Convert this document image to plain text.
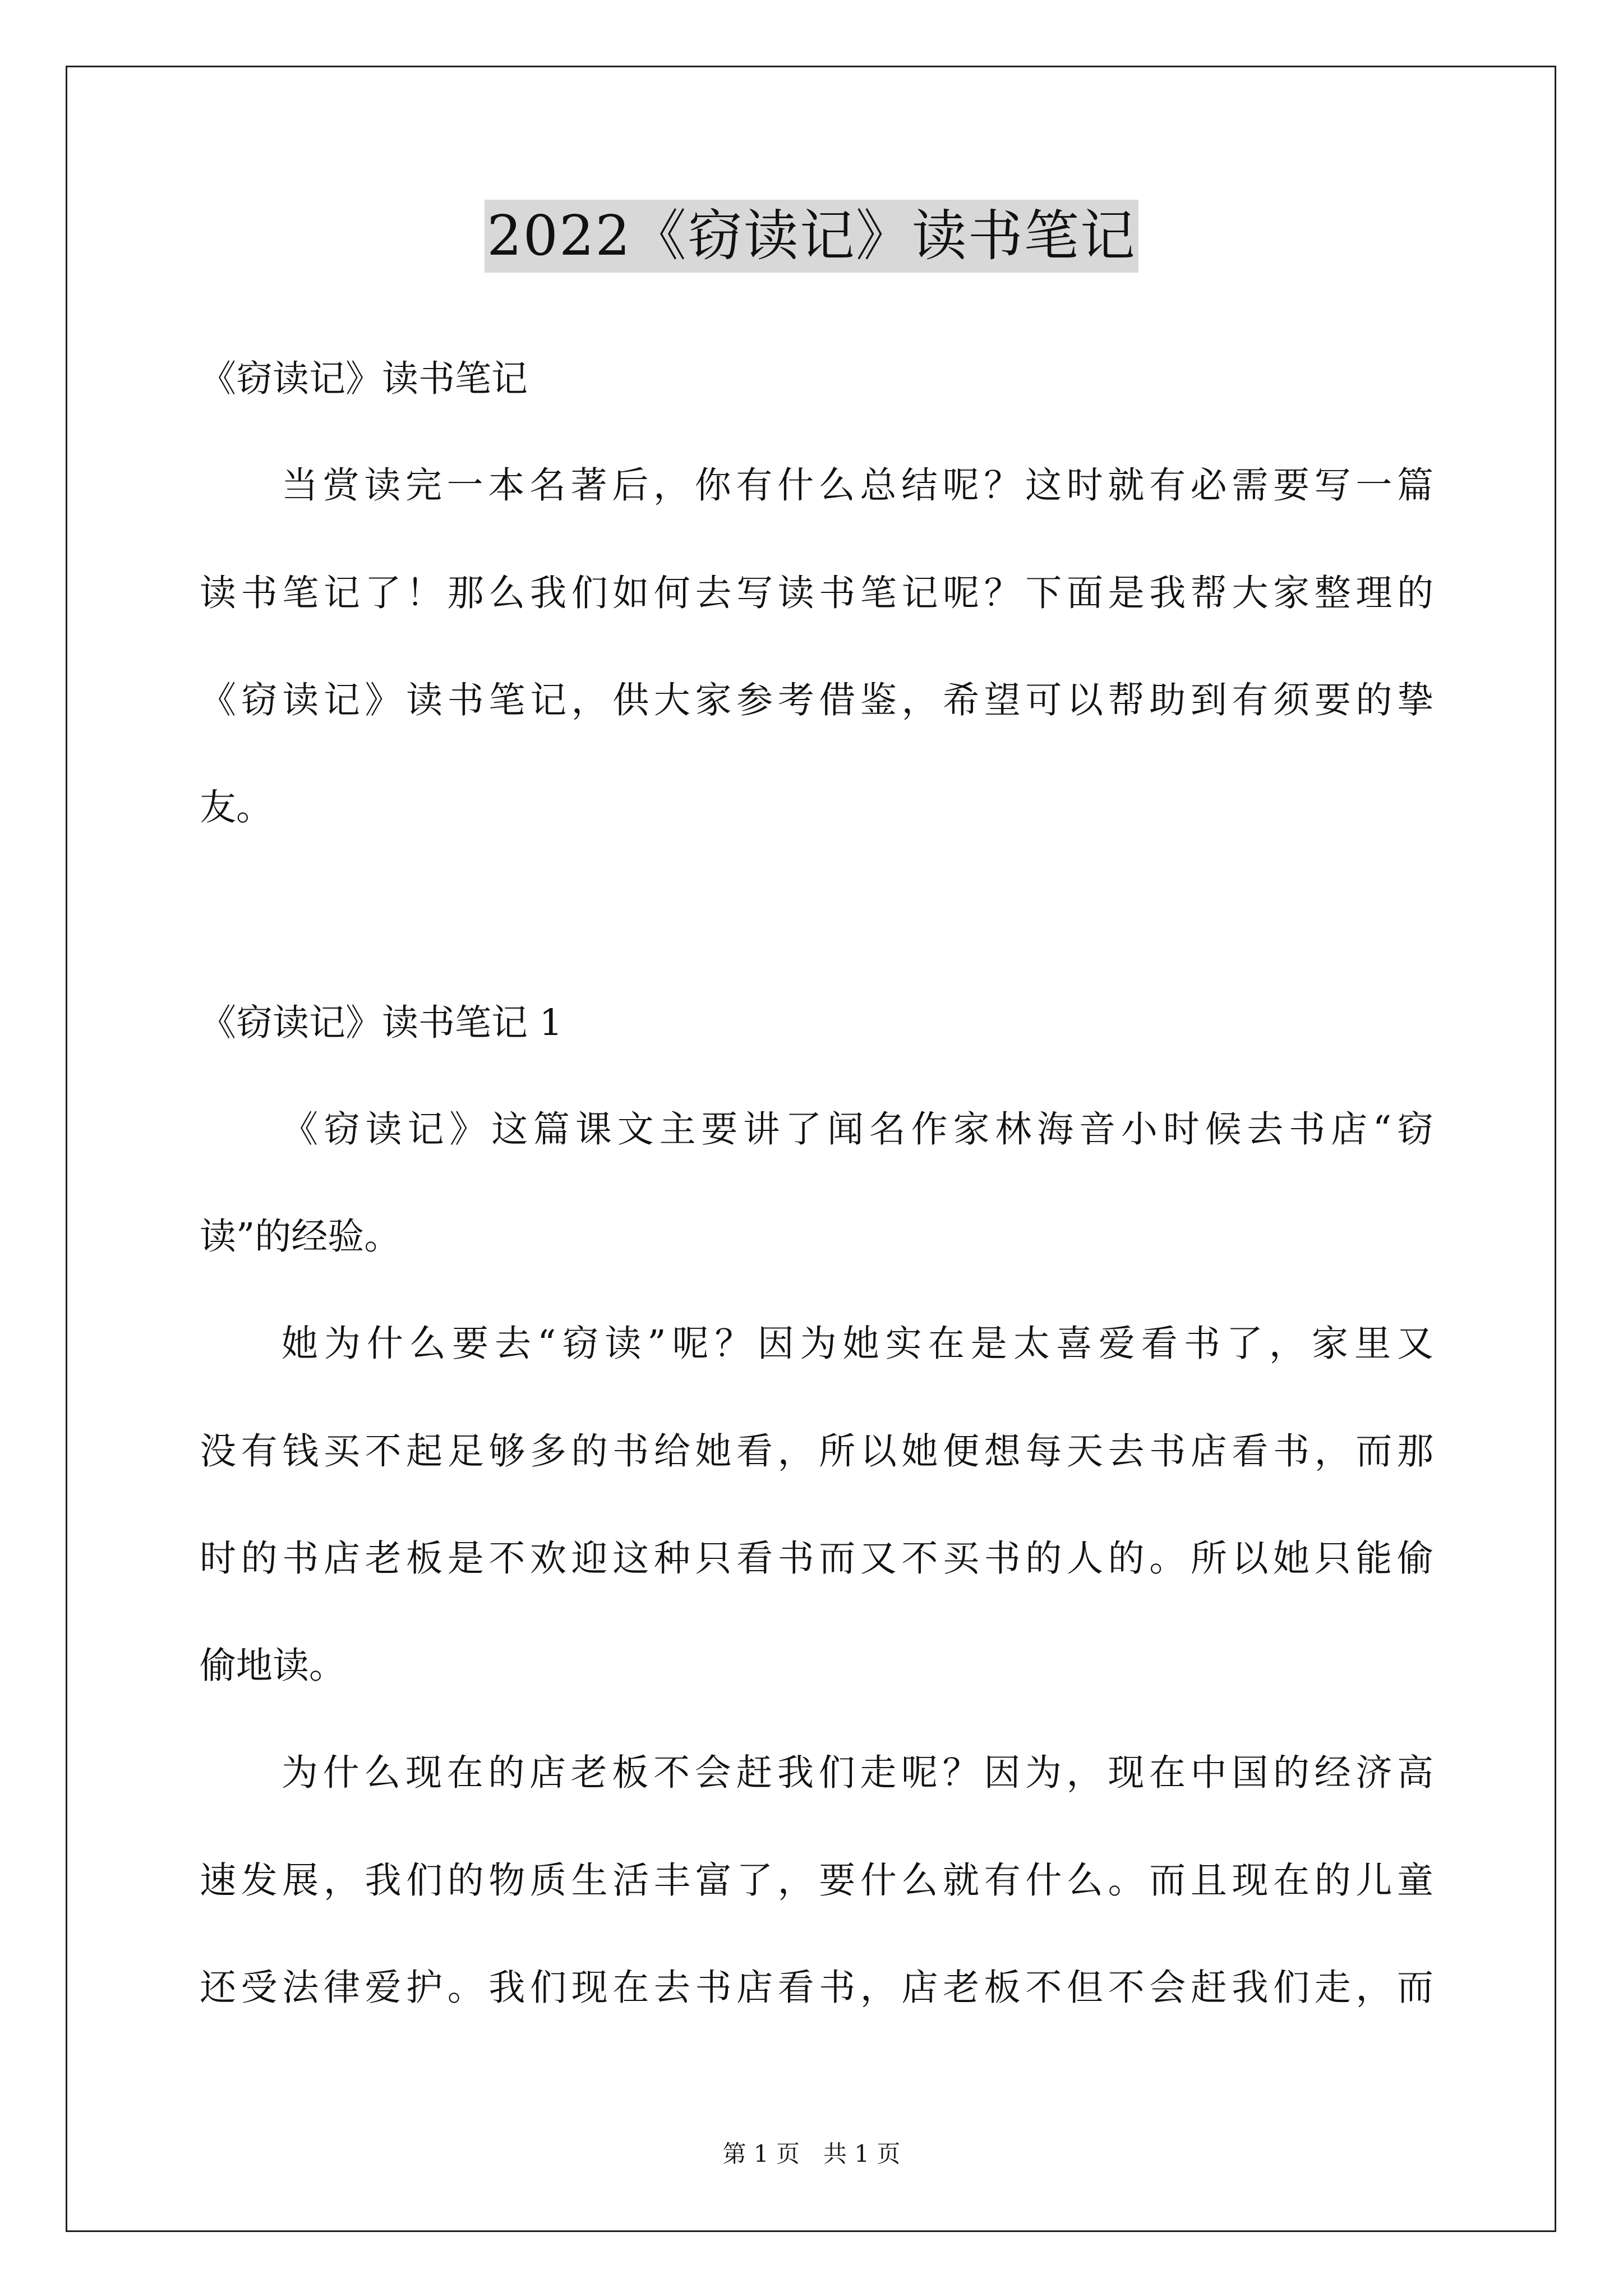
2022《窃读记》读书笔记
《窃读记》读书笔记
当赏读完一本名著后，你有什么总结呢？这时就有必需要写一篇
读书笔记了！那么我们如何去写读书笔记呢？下面是我帮大家整理的
《窃读记》读书笔记，供大家参考借鉴，希望可以帮助到有须要的挚
友。
《窃读记》读书笔记 1
《窃读记》这篇课文主要讲了闻名作家林海音小时候去书店“窃
读”的经验。
她为什么要去“窃读”呢？因为她实在是太喜爱看书了，家里又
没有钱买不起足够多的书给她看，所以她便想每天去书店看书，而那
时的书店老板是不欢迎这种只看书而又不买书的人的。所以她只能偷
偷地读。
为什么现在的店老板不会赶我们走呢？因为，现在中国的经济高
速发展，我们的物质生活丰富了，要什么就有什么。而且现在的儿童
还受法律爱护。我们现在去书店看书，店老板不但不会赶我们走，而
第 1 页　共 1 页
